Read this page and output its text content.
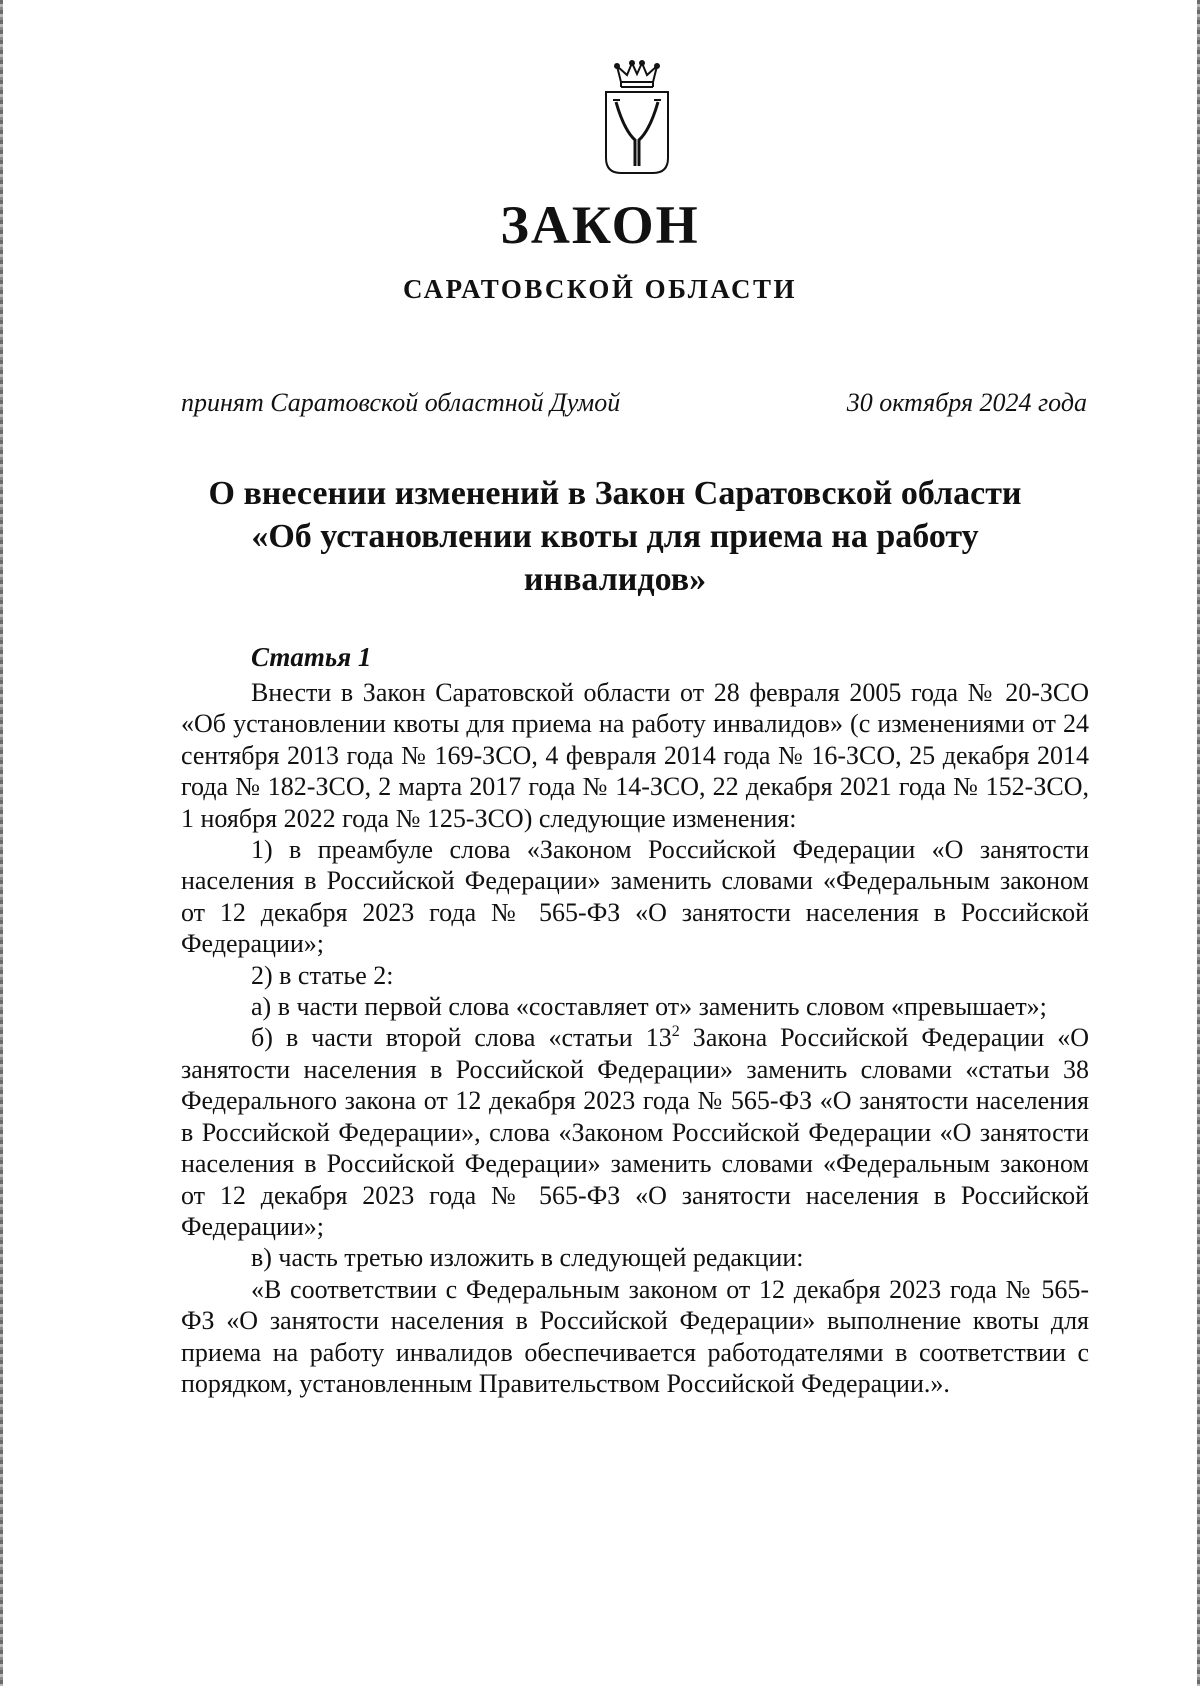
ЗАКОН
САРАТОВСКОЙ ОБЛАСТИ
принят Саратовской областной Думой	30 октября 2024 года
О внесении изменений в Закон Саратовской области
«Об установлении квоты для приема на работу
инвалидов»
Статья 1

Внести в Закон Саратовской области от 28 февраля 2005 года № 20-ЗСО «Об установлении квоты для приема на работу инвалидов» (с изменениями от 24 сентября 2013 года № 169-ЗСО, 4 февраля 2014 года № 16-ЗСО, 25 декабря 2014 года № 182-ЗСО, 2 марта 2017 года № 14-ЗСО, 22 декабря 2021 года № 152-ЗСО, 1 ноября 2022 года № 125-ЗСО) следующие изменения:

1) в преамбуле слова «Законом Российской Федерации «О занятости населения в Российской Федерации» заменить словами «Федеральным законом от 12 декабря 2023 года № 565-ФЗ «О занятости населения в Российской Федерации»;

2) в статье 2:

а) в части первой слова «составляет от» заменить словом «превышает»;

б) в части второй слова «статьи $13^2$ Закона Российской Федерации «О занятости населения в Российской Федерации» заменить словами «статьи 38 Федерального закона от 12 декабря 2023 года № 565-ФЗ «О занятости населения в Российской Федерации», слова «Законом Российской Федерации «О занятости населения в Российской Федерации» заменить словами «Федеральным законом от 12 декабря 2023 года № 565-ФЗ «О занятости населения в Российской Федерации»;

в) часть третью изложить в следующей редакции:

«В соответствии с Федеральным законом от 12 декабря 2023 года № 565-ФЗ «О занятости населения в Российской Федерации» выполнение квоты для приема на работу инвалидов обеспечивается работодателями в соответствии с порядком, установленным Правительством Российской Федерации.».
